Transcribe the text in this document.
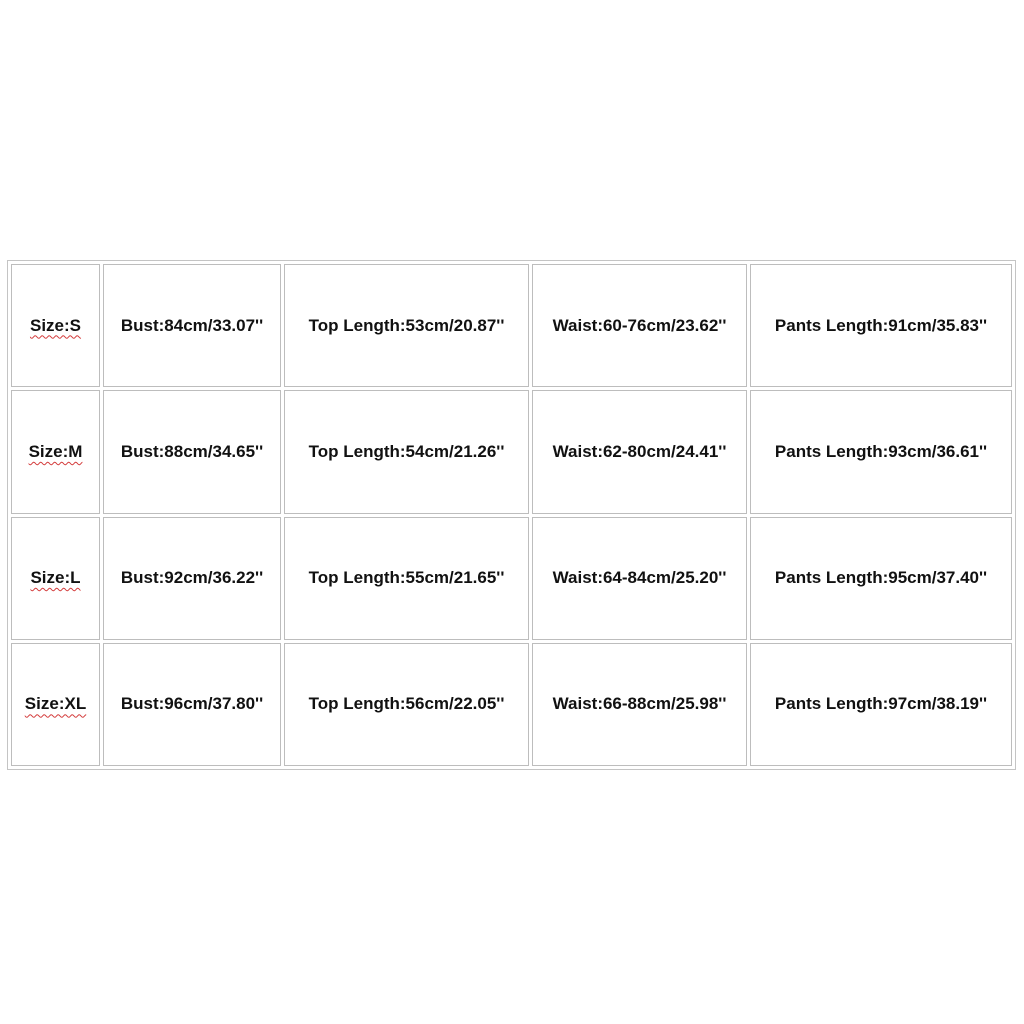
Size:S	Bust:84cm/33.07''	Top Length:53cm/20.87''	Waist:60-76cm/23.62''	Pants Length:91cm/35.83''
Size:M	Bust:88cm/34.65''	Top Length:54cm/21.26''	Waist:62-80cm/24.41''	Pants Length:93cm/36.61''
Size:L	Bust:92cm/36.22''	Top Length:55cm/21.65''	Waist:64-84cm/25.20''	Pants Length:95cm/37.40''
Size:XL	Bust:96cm/37.80''	Top Length:56cm/22.05''	Waist:66-88cm/25.98''	Pants Length:97cm/38.19''
